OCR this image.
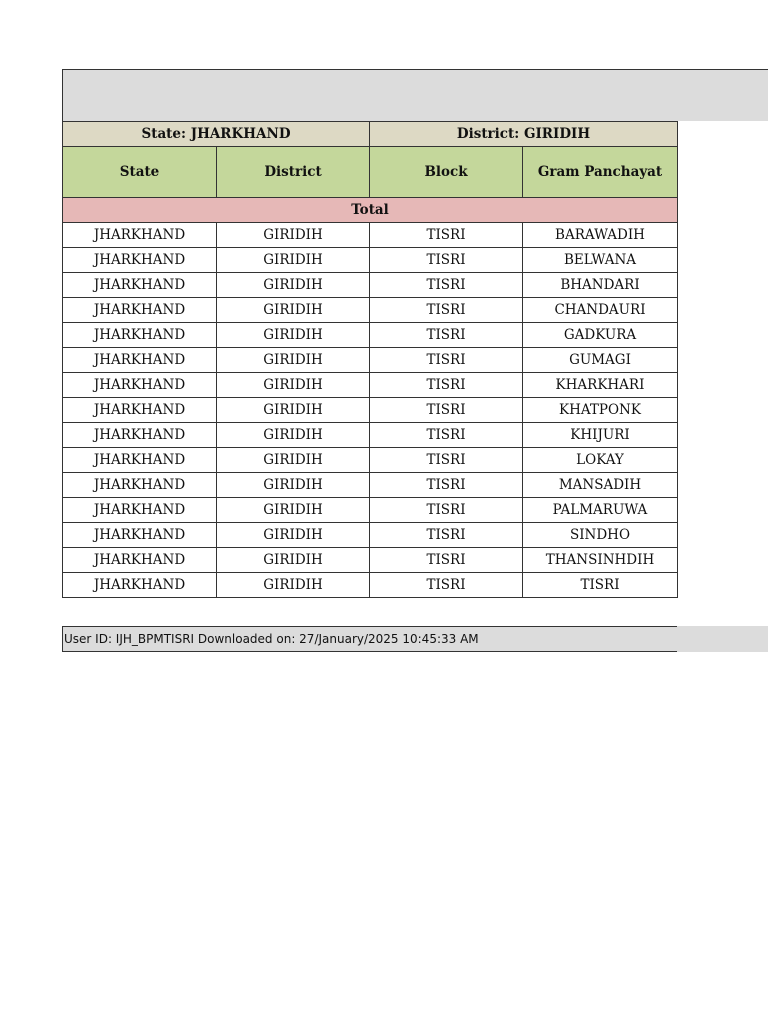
State: JHARKHAND		District: GIRIDIH	
State	District	Block	Gram Panchayat
Total			
JHARKHAND	GIRIDIH	TISRI	BARAWADIH
JHARKHAND	GIRIDIH	TISRI	BELWANA
JHARKHAND	GIRIDIH	TISRI	BHANDARI
JHARKHAND	GIRIDIH	TISRI	CHANDAURI
JHARKHAND	GIRIDIH	TISRI	GADKURA
JHARKHAND	GIRIDIH	TISRI	GUMAGI
JHARKHAND	GIRIDIH	TISRI	KHARKHARI
JHARKHAND	GIRIDIH	TISRI	KHATPONK
JHARKHAND	GIRIDIH	TISRI	KHIJURI
JHARKHAND	GIRIDIH	TISRI	LOKAY
JHARKHAND	GIRIDIH	TISRI	MANSADIH
JHARKHAND	GIRIDIH	TISRI	PALMARUWA
JHARKHAND	GIRIDIH	TISRI	SINDHO
JHARKHAND	GIRIDIH	TISRI	THANSINHDIH
JHARKHAND	GIRIDIH	TISRI	TISRI
User ID: IJH_BPMTISRI Downloaded on: 27/January/2025 10:45:33 AM
